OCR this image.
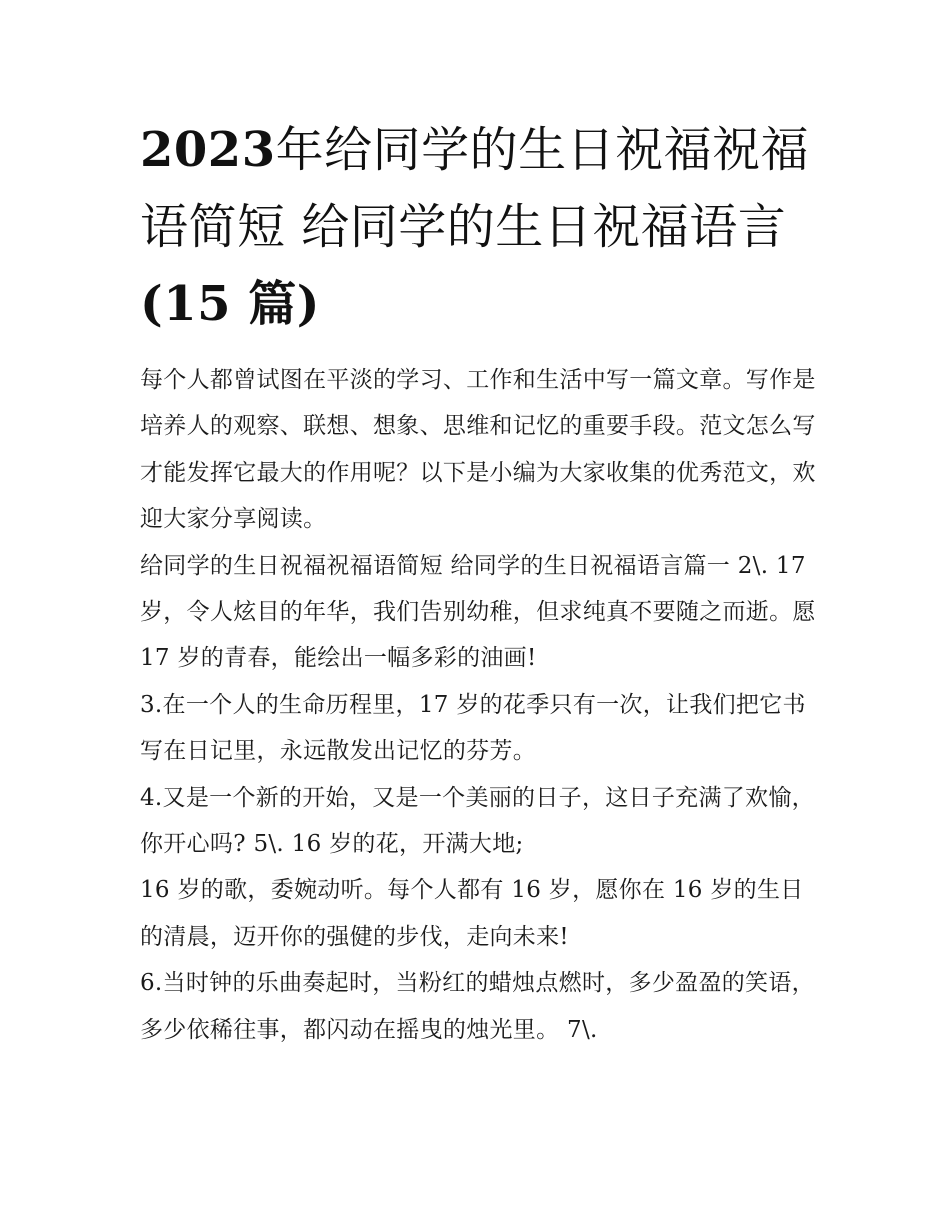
2023年给同学的生日祝福祝福语简短 给同学的生日祝福语言
(15 篇)

每个人都曾试图在平淡的学习、工作和生活中写一篇文章。写作是培养人的观察、联想、想象、思维和记忆的重要手段。范文怎么写才能发挥它最大的作用呢？以下是小编为大家收集的优秀范文，欢迎大家分享阅读。

给同学的生日祝福祝福语简短 给同学的生日祝福语言篇一 2\. 17 岁，令人炫目的年华，我们告别幼稚，但求纯真不要随之而逝。愿 17 岁的青春，能绘出一幅多彩的油画!

3.在一个人的生命历程里，17 岁的花季只有一次，让我们把它书写在日记里，永远散发出记忆的芬芳。

4.又是一个新的开始，又是一个美丽的日子，这日子充满了欢愉，你开心吗? 5\. 16 岁的花，开满大地;

16 岁的歌，委婉动听。每个人都有 16 岁，愿你在 16 岁的生日的清晨，迈开你的强健的步伐，走向未来!

6.当时钟的乐曲奏起时，当粉红的蜡烛点燃时，多少盈盈的笑语，多少依稀往事，都闪动在摇曳的烛光里。 7\.
